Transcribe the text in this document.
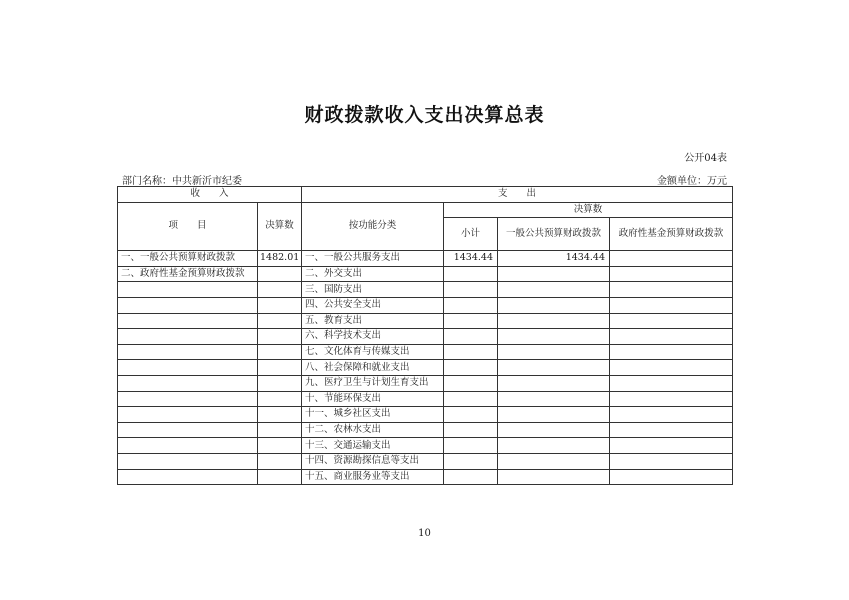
财政拨款收入支出决算总表
公开04表
部门名称：中共新沂市纪委	金额单位：万元
收　　入		支　　出			
项　　目	决算数	按功能分类	决算数		
			小计	一般公共预算财政拨款	政府性基金预算财政拨款
一、一般公共预算财政拨款	1482.01	一、一般公共服务支出	1434.44	1434.44	
二、政府性基金预算财政拨款		二、外交支出			
		三、国防支出			
		四、公共安全支出			
		五、教育支出			
		六、科学技术支出			
		七、文化体育与传媒支出			
		八、社会保障和就业支出			
		九、医疗卫生与计划生育支出			
		十、节能环保支出			
		十一、城乡社区支出			
		十二、农林水支出			
		十三、交通运输支出			
		十四、资源勘探信息等支出			
		十五、商业服务业等支出			
10
